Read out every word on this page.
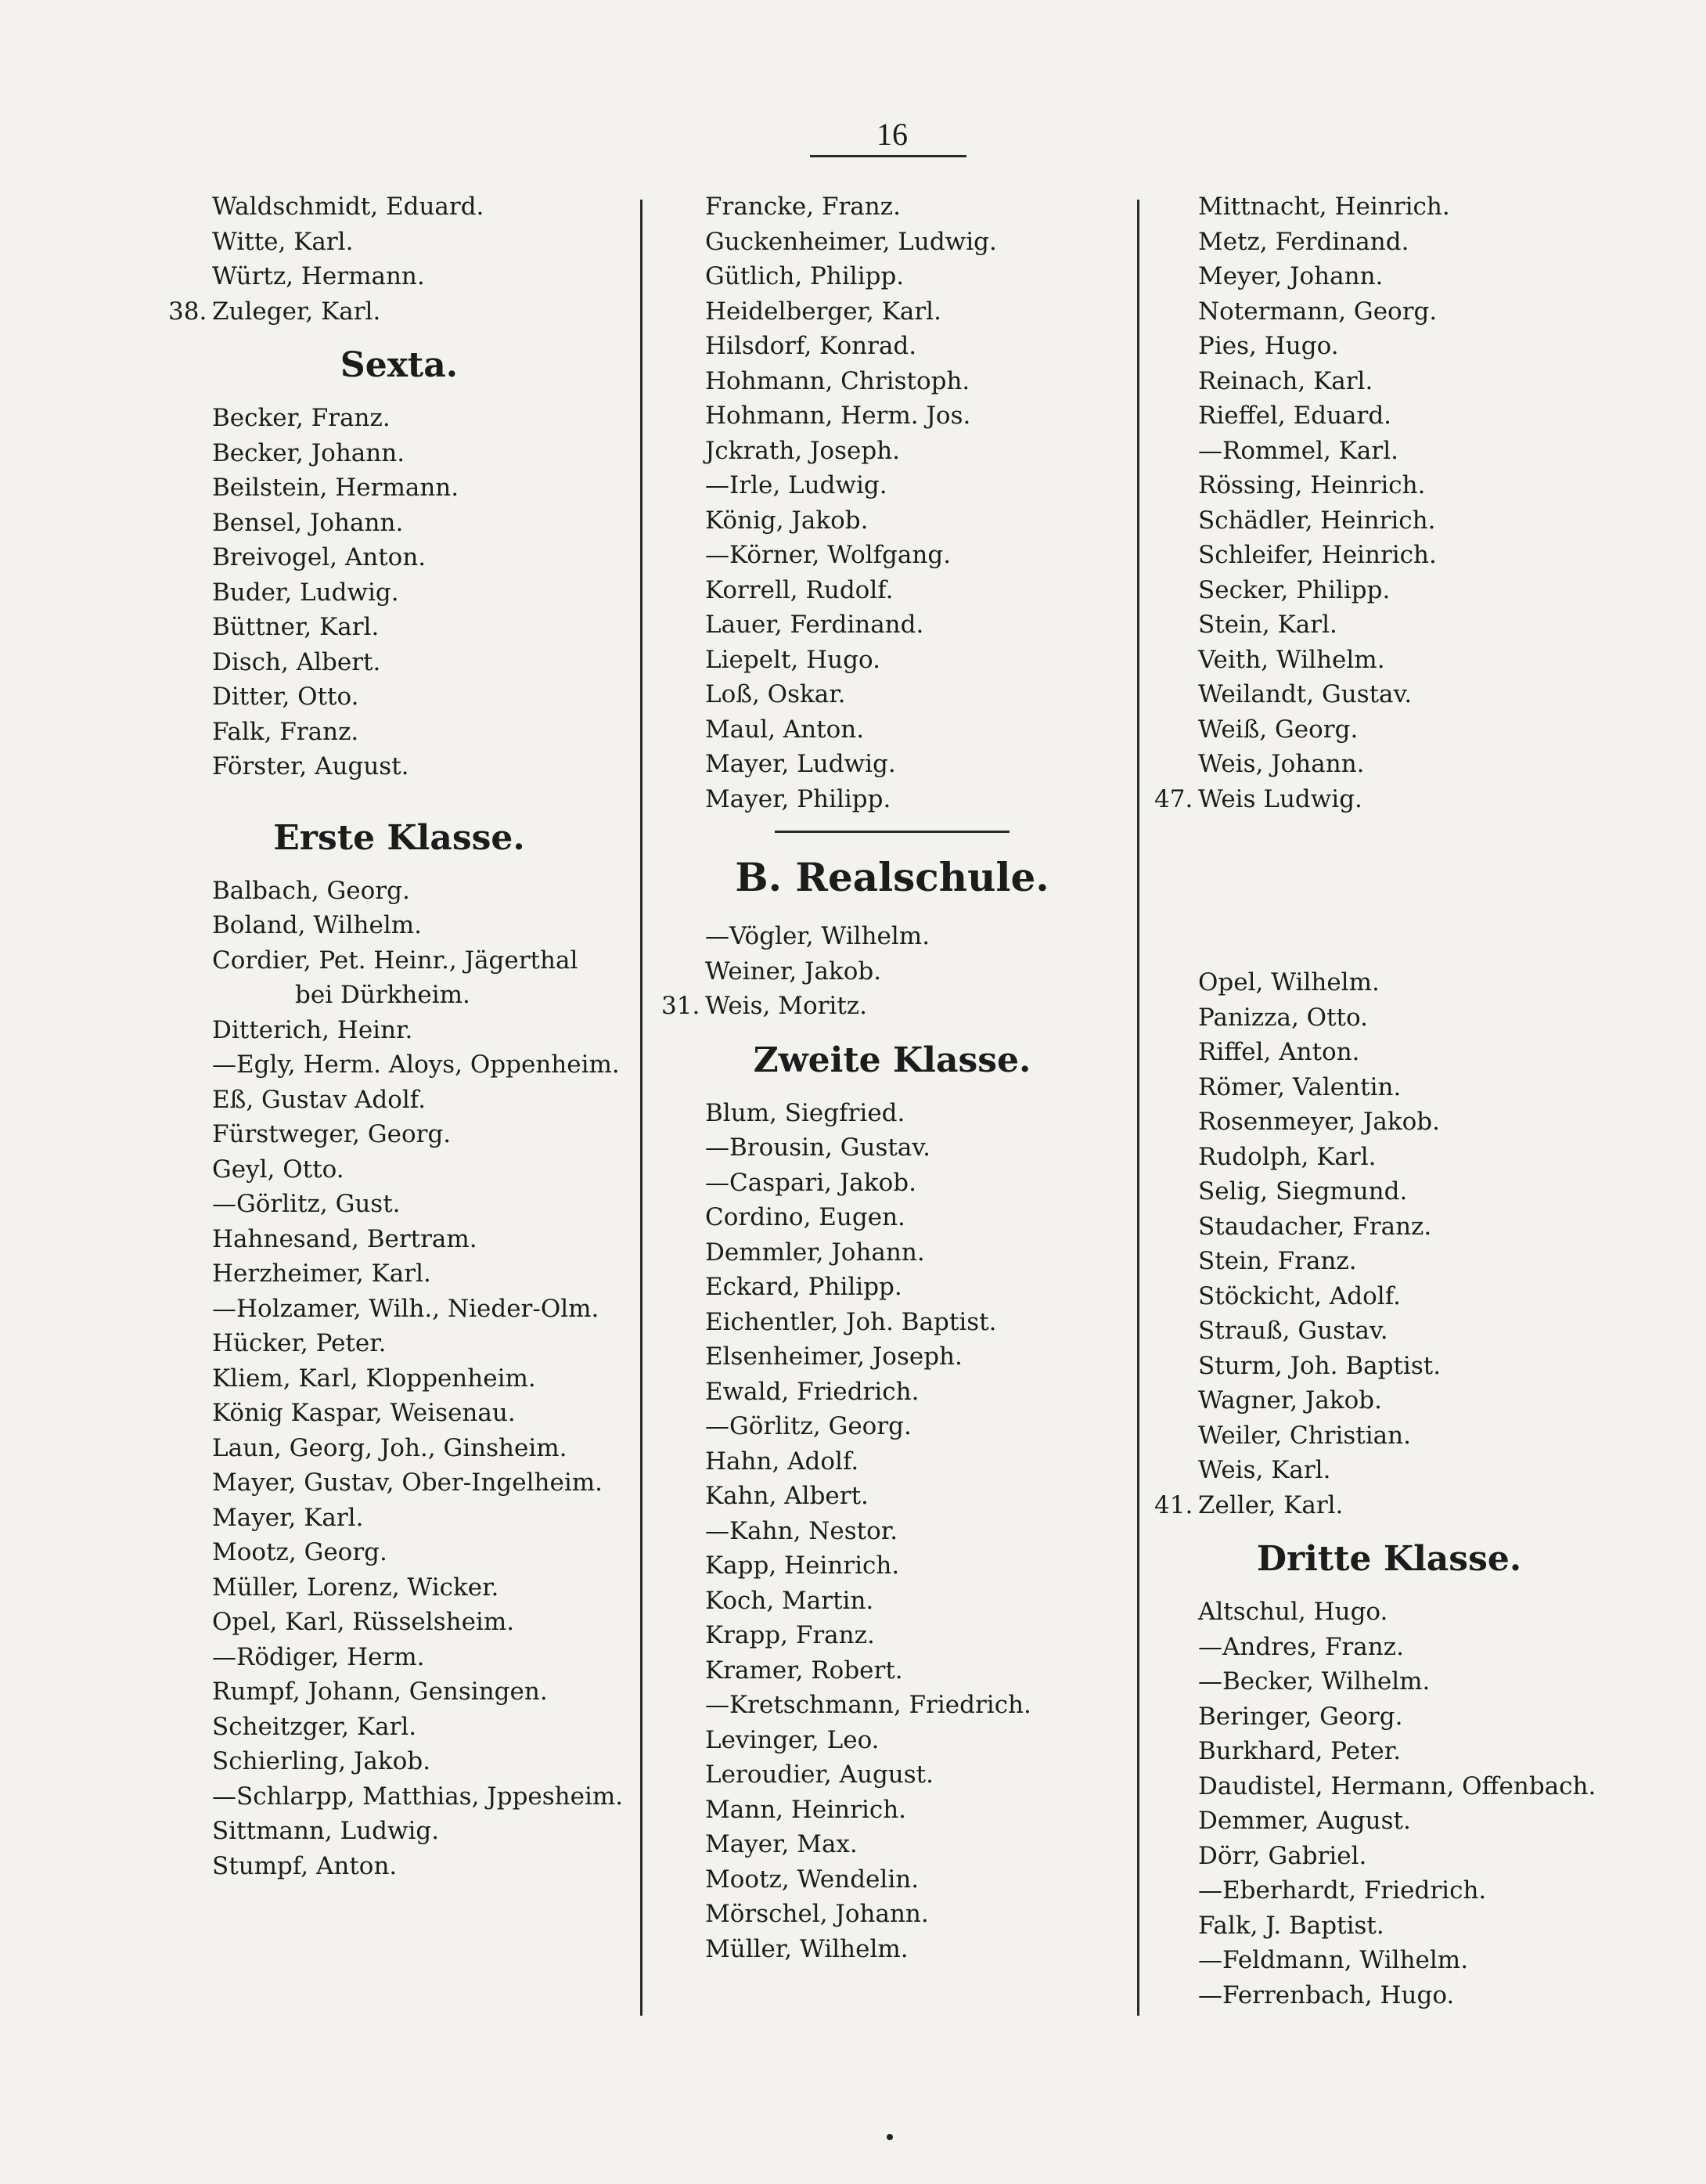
16
Waldschmidt, Eduard.
Witte, Karl.
Würtz, Hermann.
38. Zuleger, Karl.
Sexta.
Becker, Franz.
Becker, Johann.
Beilstein, Hermann.
Bensel, Johann.
Breivogel, Anton.
Buder, Ludwig.
Büttner, Karl.
Disch, Albert.
Ditter, Otto.
Falk, Franz.
Förster, August.
Erste Klasse.
Balbach, Georg.
Boland, Wilhelm.
Cordier, Pet. Heinr., Jägerthal
bei Dürkheim.
Ditterich, Heinr.
—Egly, Herm. Aloys, Oppenheim.
Eß, Gustav Adolf.
Fürstweger, Georg.
Geyl, Otto.
—Görlitz, Gust.
Hahnesand, Bertram.
Herzheimer, Karl.
—Holzamer, Wilh., Nieder-Olm.
Hücker, Peter.
Kliem, Karl, Kloppenheim.
König Kaspar, Weisenau.
Laun, Georg, Joh., Ginsheim.
Mayer, Gustav, Ober-Ingelheim.
Mayer, Karl.
Mootz, Georg.
Müller, Lorenz, Wicker.
Opel, Karl, Rüsselsheim.
—Rödiger, Herm.
Rumpf, Johann, Gensingen.
Scheitzger, Karl.
Schierling, Jakob.
—Schlarpp, Matthias, Jppesheim.
Sittmann, Ludwig.
Stumpf, Anton.
Francke, Franz.
Guckenheimer, Ludwig.
Gütlich, Philipp.
Heidelberger, Karl.
Hilsdorf, Konrad.
Hohmann, Christoph.
Hohmann, Herm. Jos.
Jckrath, Joseph.
—Irle, Ludwig.
König, Jakob.
—Körner, Wolfgang.
Korrell, Rudolf.
Lauer, Ferdinand.
Liepelt, Hugo.
Loß, Oskar.
Maul, Anton.
Mayer, Ludwig.
Mayer, Philipp.
B. Realschule.
—Vögler, Wilhelm.
Weiner, Jakob.
31. Weis, Moritz.
Zweite Klasse.
Blum, Siegfried.
—Brousin, Gustav.
—Caspari, Jakob.
Cordino, Eugen.
Demmler, Johann.
Eckard, Philipp.
Eichentler, Joh. Baptist.
Elsenheimer, Joseph.
Ewald, Friedrich.
—Görlitz, Georg.
Hahn, Adolf.
Kahn, Albert.
—Kahn, Nestor.
Kapp, Heinrich.
Koch, Martin.
Krapp, Franz.
Kramer, Robert.
—Kretschmann, Friedrich.
Levinger, Leo.
Leroudier, August.
Mann, Heinrich.
Mayer, Max.
Mootz, Wendelin.
Mörschel, Johann.
Müller, Wilhelm.
Mittnacht, Heinrich.
Metz, Ferdinand.
Meyer, Johann.
Notermann, Georg.
Pies, Hugo.
Reinach, Karl.
Rieffel, Eduard.
—Rommel, Karl.
Rössing, Heinrich.
Schädler, Heinrich.
Schleifer, Heinrich.
Secker, Philipp.
Stein, Karl.
Veith, Wilhelm.
Weilandt, Gustav.
Weiß, Georg.
Weis, Johann.
47. Weis Ludwig.
Opel, Wilhelm.
Panizza, Otto.
Riffel, Anton.
Römer, Valentin.
Rosenmeyer, Jakob.
Rudolph, Karl.
Selig, Siegmund.
Staudacher, Franz.
Stein, Franz.
Stöckicht, Adolf.
Strauß, Gustav.
Sturm, Joh. Baptist.
Wagner, Jakob.
Weiler, Christian.
Weis, Karl.
41. Zeller, Karl.
Dritte Klasse.
Altschul, Hugo.
—Andres, Franz.
—Becker, Wilhelm.
Beringer, Georg.
Burkhard, Peter.
Daudistel, Hermann, Offenbach.
Demmer, August.
Dörr, Gabriel.
—Eberhardt, Friedrich.
Falk, J. Baptist.
—Feldmann, Wilhelm.
—Ferrenbach, Hugo.
